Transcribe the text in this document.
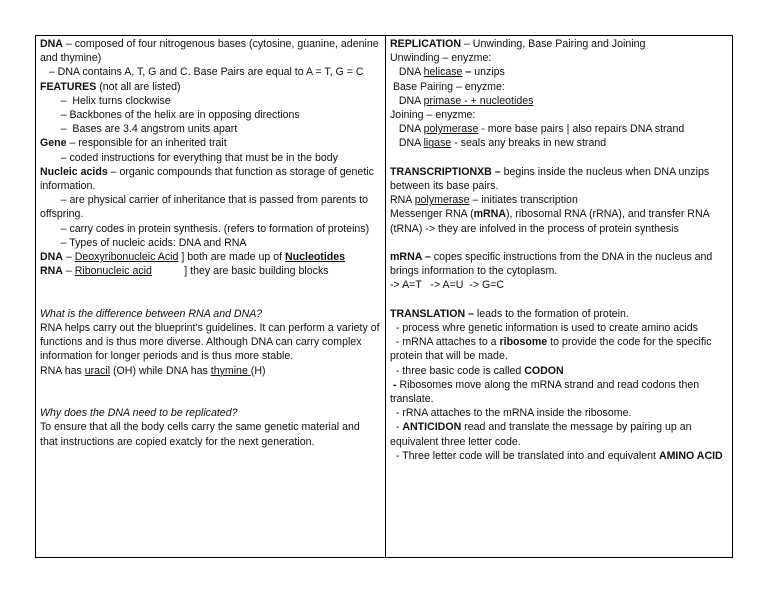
DNA – composed of four nitrogenous bases (cytosine, guanine, adenine and thymine)
– DNA contains A, T, G and C. Base Pairs are equal to A = T, G = C
FEATURES (not all are listed)
–  Helix turns clockwise
– Backbones of the helix are in opposing directions
–  Bases are 3.4 angstrom units apart
Gene – responsible for an inherited trait
– coded instructions for everything that must be in the body
Nucleic acids – organic compounds that function as storage of genetic information.
– are physical carrier of inheritance that is passed from parents to offspring.
– carry codes in protein synthesis. (refers to formation of proteins)
– Types of nucleic acids: DNA and RNA
DNA – Deoxyribonucleic Acid ] both are made up of Nucleotides
RNA – Ribonucleic acid           ] they are basic building blocks
What is the difference between RNA and DNA?
RNA helps carry out the blueprint’s guidelines. It can perform a variety of functions and is thus more diverse. Although DNA can carry complex information for longer periods and is thus more stable.
RNA has uracil (OH) while DNA has thymine (H)
Why does the DNA need to be replicated?
To ensure that all the body cells carry the same genetic material and that instructions are copied exatcly for the next generation.
REPLICATION – Unwinding, Base Pairing and Joining
Unwinding – enyzme:
DNA helicase – unzips
Base Pairing – enyzme:
DNA primase - + nucleotides
Joining – enyzme:
DNA polymerase - more base pairs | also repairs DNA strand
DNA ligase - seals any breaks in new strand
TRANSCRIPTIONXB – begins inside the nucleus when DNA unzips between its base pairs.
RNA polymerase – initiates transcription
Messenger RNA (mRNA), ribosomal RNA (rRNA), and transfer RNA (tRNA) -> they are infolved in the process of protein synthesis
mRNA – copes specific instructions from the DNA in the nucleus and brings information to the cytoplasm.
-> A=T   -> A=U  -> G=C
TRANSLATION – leads to the formation of protein.
- process whre genetic information is used to create amino acids
- mRNA attaches to a ribosome to provide the code for the specific protein that will be made.
- three basic code is called CODON
- Ribosomes move along the mRNA strand and read codons then translate.
- rRNA attaches to the mRNA inside the ribosome.
- ANTICIDON read and translate the message by pairing up an equivalent three letter code.
- Three letter code will be translated into and equivalent AMINO ACID
